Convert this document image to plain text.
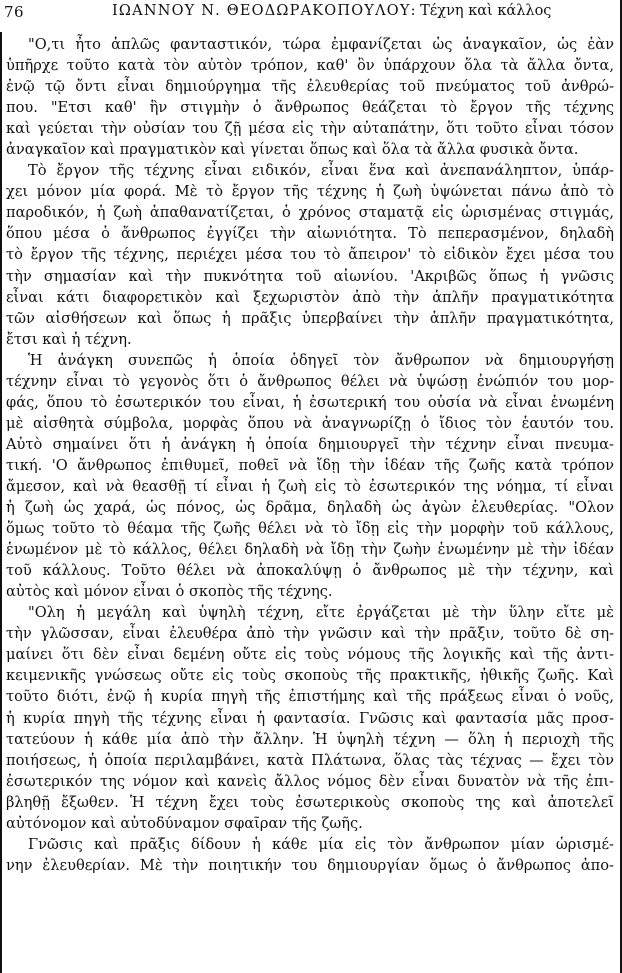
76	ΙΩΑΝΝΟΥ Ν. ΘΕΟΔΩΡΑΚΟΠΟΥΛΟΥ: Τέχνη καὶ κάλλος
"Ο,τι ἦτο ἁπλῶς φανταστικόν, τώρα ἐμφανίζεται ὡς ἀναγκαῖον, ὡς ἐὰν
ὑπῆρχε τοῦτο κατὰ τὸν αὐτὸν τρόπον, καθ' ὃν ὑπάρχουν ὅλα τὰ ἄλλα ὄντα,
ἐνῷ τῷ ὄντι εἶναι δημιούργημα τῆς ἐλευθερίας τοῦ πνεύματος τοῦ ἀνθρώ-
που. "Ετσι καθ' ἣν στιγμὴν ὁ ἄνθρωπος θεάζεται τὸ ἔργον τῆς τέχνης
καὶ γεύεται τὴν οὐσίαν του ζῇ μέσα εἰς τὴν αὐταπάτην, ὅτι τοῦτο εἶναι τόσον
ἀναγκαῖον καὶ πραγματικὸν καὶ γίνεται ὅπως καὶ ὅλα τὰ ἄλλα φυσικὰ ὄντα.
Τὸ ἔργον τῆς τέχνης εἶναι ειδικόν, εἶναι ἕνα καὶ ἀνεπανάληπτον, ὑπάρ-
χει μόνον μία φορά. Μὲ τὸ ἔργον τῆς τέχνης ἡ ζωὴ ὑψώνεται πάνω ἀπὸ τὸ
παροδικόν, ἡ ζωὴ ἀπαθανατίζεται, ὁ χρόνος σταματᾷ εἰς ὡρισμένας στιγμάς,
ὅπου μέσα ὁ ἄνθρωπος ἐγγίζει τὴν αἰωνιότητα. Τὸ πεπερασμένον, δηλαδὴ
τὸ ἔργον τῆς τέχνης, περιέχει μέσα του τὸ ἄπειρον' τὸ εἰδικὸν ἔχει μέσα του
τὴν σημασίαν καὶ τὴν πυκνότητα τοῦ αἰωνίου. 'Ακριβῶς ὅπως ἡ γνῶσις
εἶναι κάτι διαφορετικὸν καὶ ξεχωριστὸν ἀπὸ τὴν ἁπλῆν πραγματικότητα
τῶν αἰσθήσεων καὶ ὅπως ἡ πρᾶξις ὑπερβαίνει τὴν ἁπλῆν πραγματικότητα,
ἔτσι καὶ ἡ τέχνη.
Ἡ ἀνάγκη συνεπῶς ἡ ὁποία ὁδηγεῖ τὸν ἄνθρωπον νὰ δημιουργήσῃ
τέχνην εἶναι τὸ γεγονὸς ὅτι ὁ ἄνθρωπος θέλει νὰ ὑψώσῃ ἐνώπιόν του μορ-
φάς, ὅπου τὸ ἐσωτερικόν του εἶναι, ἡ ἐσωτερική του οὐσία νὰ εἶναι ἑνωμένη
μὲ αἰσθητὰ σύμβολα, μορφὰς ὅπου νὰ ἀναγνωρίζῃ ὁ ἴδιος τὸν ἑαυτόν του.
Αὐτὸ σημαίνει ὅτι ἡ ἀνάγκη ἡ ὁποία δημιουργεῖ τὴν τέχνην εἶναι πνευμα-
τική. 'Ο ἄνθρωπος ἐπιθυμεῖ, ποθεῖ νὰ ἴδῃ τὴν ἰδέαν τῆς ζωῆς κατὰ τρόπον
ἄμεσον, καὶ νὰ θεασθῇ τί εἶναι ἡ ζωὴ εἰς τὸ ἐσωτερικόν της νόημα, τί εἶναι
ἡ ζωὴ ὡς χαρά, ὡς πόνος, ὡς δρᾶμα, δηλαδὴ ὡς ἀγὼν ἐλευθερίας. "Ολον
ὅμως τοῦτο τὸ θέαμα τῆς ζωῆς θέλει νὰ τὸ ἴδῃ εἰς τὴν μορφὴν τοῦ κάλλους,
ἑνωμένον μὲ τὸ κάλλος, θέλει δηλαδὴ νὰ ἴδῃ τὴν ζωὴν ἑνωμένην μὲ τὴν ἰδέαν
τοῦ κάλλους. Τοῦτο θέλει νὰ ἀποκαλύψῃ ὁ ἄνθρωπος μὲ τὴν τέχνην, καὶ
αὐτὸς καὶ μόνον εἶναι ὁ σκοπὸς τῆς τέχνης.
"Ολη ἡ μεγάλη καὶ ὑψηλὴ τέχνη, εἴτε ἐργάζεται μὲ τὴν ὕλην εἴτε μὲ
τὴν γλῶσσαν, εἶναι ἐλευθέρα ἀπὸ τὴν γνῶσιν καὶ τὴν πρᾶξιν, τοῦτο δὲ ση-
μαίνει ὅτι δὲν εἶναι δεμένη οὔτε εἰς τοὺς νόμους τῆς λογικῆς καὶ τῆς ἀντι-
κειμενικῆς γνώσεως οὔτε εἰς τοὺς σκοποὺς τῆς πρακτικῆς, ἠθικῆς ζωῆς. Καὶ
τοῦτο διότι, ἐνῷ ἡ κυρία πηγὴ τῆς ἐπιστήμης καὶ τῆς πράξεως εἶναι ὁ νοῦς,
ἡ κυρία πηγὴ τῆς τέχνης εἶναι ἡ φαντασία. Γνῶσις καὶ φαντασία μᾶς προσ-
τατεύουν ἡ κάθε μία ἀπὸ τὴν ἄλλην. Ἡ ὑψηλὴ τέχνη — ὅλη ἡ περιοχὴ τῆς
ποιήσεως, ἡ ὁποία περιλαμβάνει, κατὰ Πλάτωνα, ὅλας τὰς τέχνας — ἔχει τὸν
ἐσωτερικόν της νόμον καὶ κανεὶς ἄλλος νόμος δὲν εἶναι δυνατὸν νὰ τῆς ἐπι-
βληθῇ ἔξωθεν. Ἡ τέχνη ἔχει τοὺς ἐσωτερικοὺς σκοποὺς της καὶ ἀποτελεῖ
αὐτόνομον καὶ αὐτοδύναμον σφαῖραν τῆς ζωῆς.
Γνῶσις καὶ πρᾶξις δίδουν ἡ κάθε μία εἰς τὸν ἄνθρωπον μίαν ὡρισμέ-
νην ἐλευθερίαν. Μὲ τὴν ποιητικήν του δημιουργίαν ὅμως ὁ ἄνθρωπος ἀπο-
